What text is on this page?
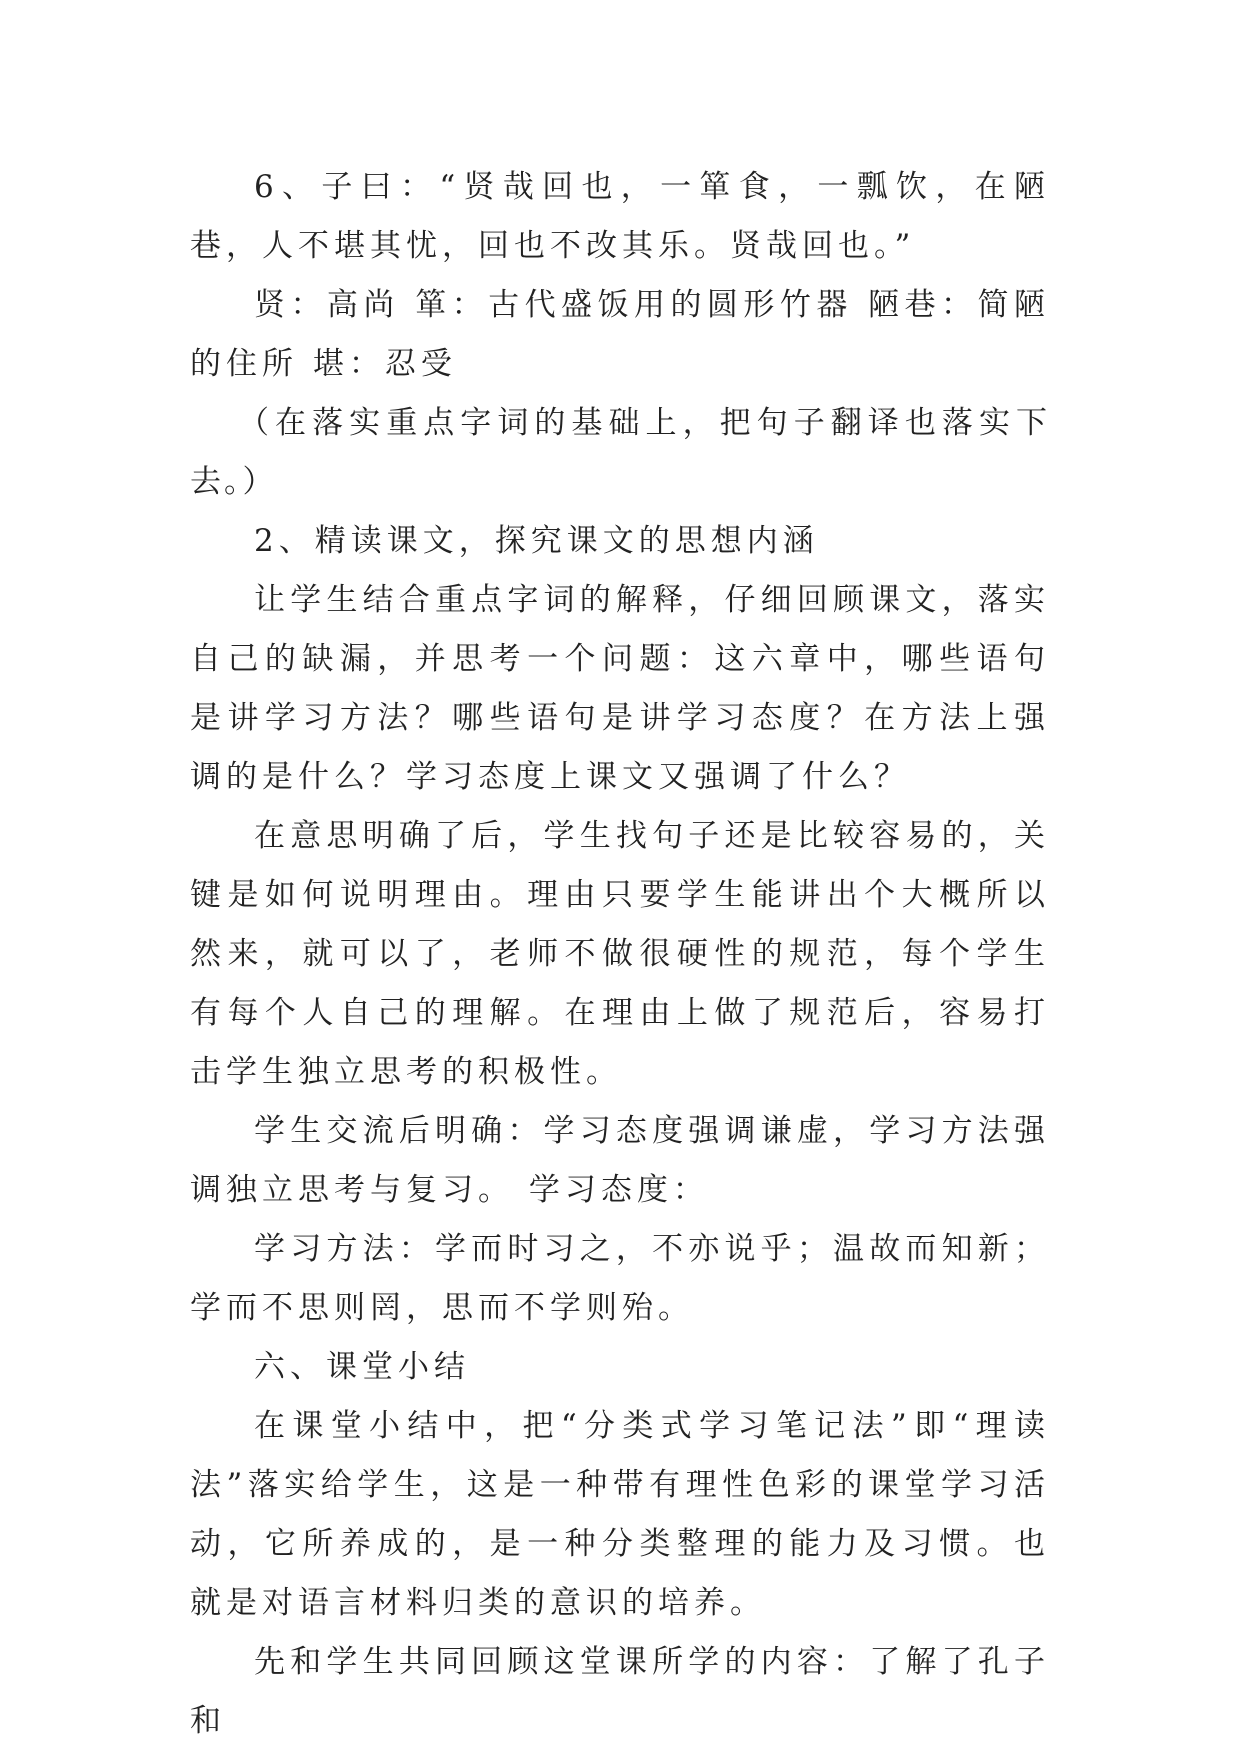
6、子曰：“贤哉回也，一箪食，一瓢饮，在陋巷，人不堪其忧，回也不改其乐。贤哉回也。”

贤：高尚 箪：古代盛饭用的圆形竹器 陋巷：简陋的住所 堪：忍受

（在落实重点字词的基础上，把句子翻译也落实下去。）

2、精读课文，探究课文的思想内涵

让学生结合重点字词的解释，仔细回顾课文，落实自己的缺漏，并思考一个问题：这六章中，哪些语句是讲学习方法？哪些语句是讲学习态度？在方法上强调的是什么？学习态度上课文又强调了什么？

在意思明确了后，学生找句子还是比较容易的，关键是如何说明理由。理由只要学生能讲出个大概所以然来，就可以了，老师不做很硬性的规范，每个学生有每个人自己的理解。在理由上做了规范后，容易打击学生独立思考的积极性。

学生交流后明确：学习态度强调谦虚，学习方法强调独立思考与复习。 学习态度：

学习方法：学而时习之，不亦说乎；温故而知新；学而不思则罔，思而不学则殆。

六、课堂小结

在课堂小结中，把“分类式学习笔记法”即“理读法”落实给学生，这是一种带有理性色彩的课堂学习活动，它所养成的，是一种分类整理的能力及习惯。也就是对语言材料归类的意识的培养。

先和学生共同回顾这堂课所学的内容：了解了孔子和
